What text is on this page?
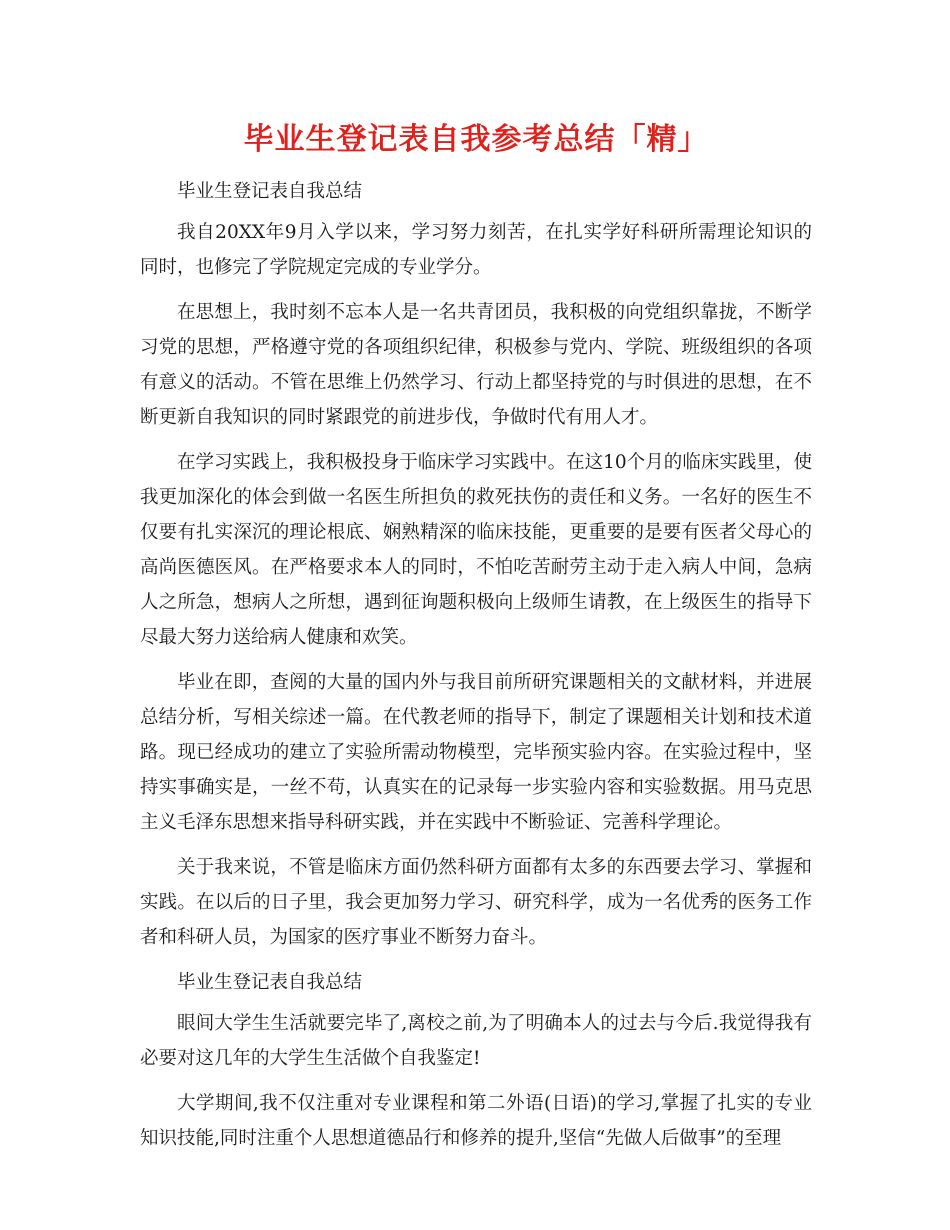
毕业生登记表自我参考总结「精」

毕业生登记表自我总结

我自20XX年9月入学以来，学习努力刻苦，在扎实学好科研所需理论知识的同时，也修完了学院规定完成的专业学分。

在思想上，我时刻不忘本人是一名共青团员，我积极的向党组织靠拢，不断学习党的思想，严格遵守党的各项组织纪律，积极参与党内、学院、班级组织的各项有意义的活动。不管在思维上仍然学习、行动上都坚持党的与时俱进的思想，在不断更新自我知识的同时紧跟党的前进步伐，争做时代有用人才。

在学习实践上，我积极投身于临床学习实践中。在这10个月的临床实践里，使我更加深化的体会到做一名医生所担负的救死扶伤的责任和义务。一名好的医生不仅要有扎实深沉的理论根底、娴熟精深的临床技能，更重要的是要有医者父母心的高尚医德医风。在严格要求本人的同时，不怕吃苦耐劳主动于走入病人中间，急病人之所急，想病人之所想，遇到征询题积极向上级师生请教，在上级医生的指导下尽最大努力送给病人健康和欢笑。

毕业在即，查阅的大量的国内外与我目前所研究课题相关的文献材料，并进展总结分析，写相关综述一篇。在代教老师的指导下，制定了课题相关计划和技术道路。现已经成功的建立了实验所需动物模型，完毕预实验内容。在实验过程中，坚持实事确实是，一丝不苟，认真实在的记录每一步实验内容和实验数据。用马克思主义毛泽东思想来指导科研实践，并在实践中不断验证、完善科学理论。

关于我来说，不管是临床方面仍然科研方面都有太多的东西要去学习、掌握和实践。在以后的日子里，我会更加努力学习、研究科学，成为一名优秀的医务工作者和科研人员，为国家的医疗事业不断努力奋斗。

毕业生登记表自我总结

眼间大学生生活就要完毕了,离校之前,为了明确本人的过去与今后.我觉得我有必要对这几年的大学生生活做个自我鉴定!

大学期间,我不仅注重对专业课程和第二外语(日语)的学习,掌握了扎实的专业知识技能,同时注重个人思想道德品行和修养的提升,坚信“先做人后做事”的至理
